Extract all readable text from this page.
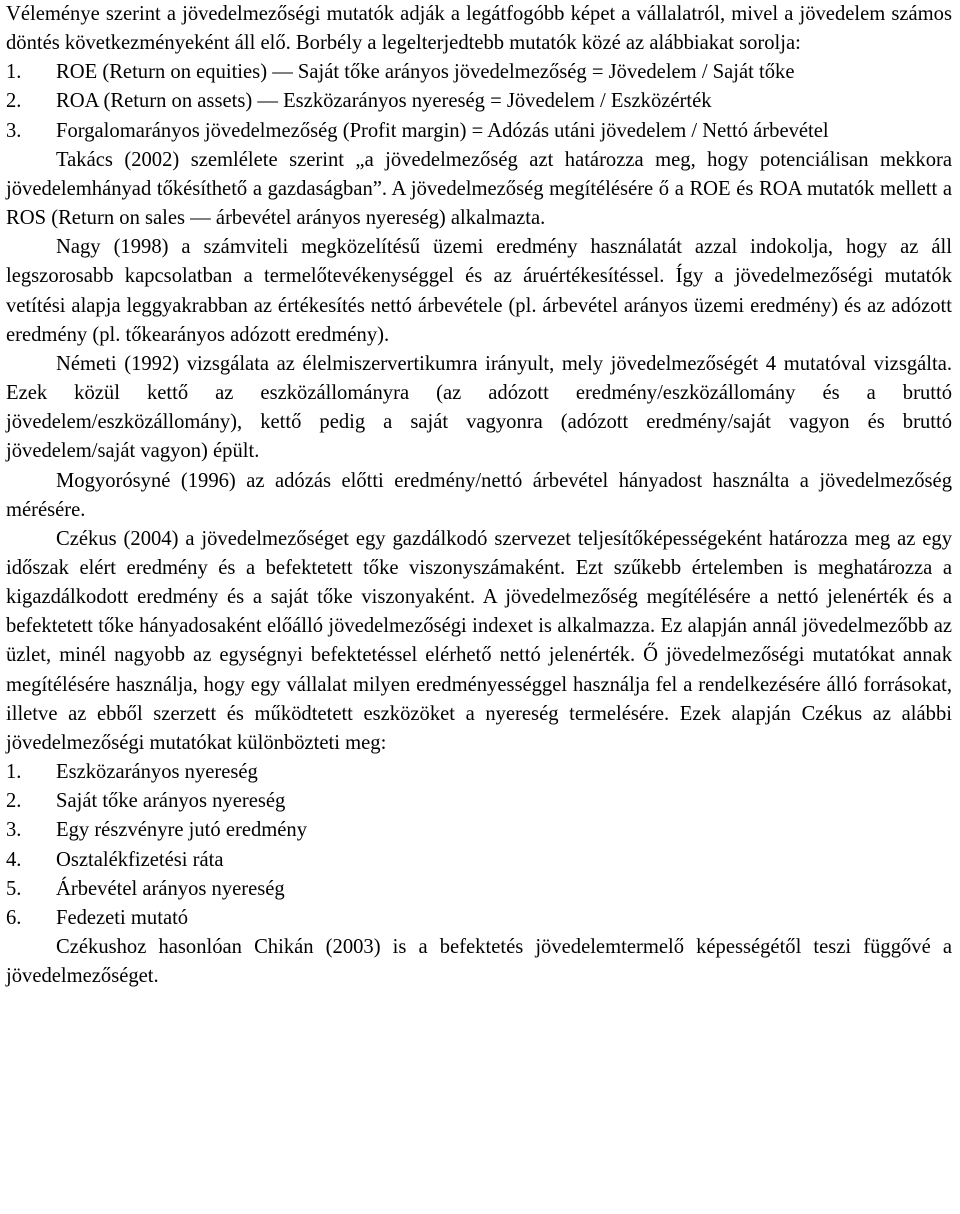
Véleménye szerint a jövedelmezőségi mutatók adják a legátfogóbb képet a vállalatról, mivel a jövedelem számos döntés következményeként áll elő. Borbély a legelterjedtebb mutatók közé az alábbiakat sorolja:

1.	ROE (Return on equities) ― Saját tőke arányos jövedelmezőség = Jövedelem / Saját tőke
2.	ROA (Return on assets) ― Eszközarányos nyereség = Jövedelem / Eszközérték
3.	Forgalomarányos jövedelmezőség (Profit margin) = Adózás utáni jövedelem / Nettó árbevétel

Takács (2002) szemlélete szerint „a jövedelmezőség azt határozza meg, hogy potenciálisan mekkora jövedelemhányad tőkésíthető a gazdaságban”. A jövedelmezőség megítélésére ő a ROE és ROA mutatók mellett a ROS (Return on sales ― árbevétel arányos nyereség) alkalmazta.

Nagy (1998) a számviteli megközelítésű üzemi eredmény használatát azzal indokolja, hogy az áll legszorosabb kapcsolatban a termelőtevékenységgel és az áruértékesítéssel. Így a jövedelmezőségi mutatók vetítési alapja leggyakrabban az értékesítés nettó árbevétele (pl. árbevétel arányos üzemi eredmény) és az adózott eredmény (pl. tőkearányos adózott eredmény).

Németi (1992) vizsgálata az élelmiszervertikumra irányult, mely jövedelmezőségét 4 mutatóval vizsgálta. Ezek közül kettő az eszközállományra (az adózott eredmény/eszközállomány és a bruttó jövedelem/eszközállomány), kettő pedig a saját vagyonra (adózott eredmény/saját vagyon és bruttó jövedelem/saját vagyon) épült.

Mogyorósyné (1996) az adózás előtti eredmény/nettó árbevétel hányadost használta a jövedelmezőség mérésére.

Czékus (2004) a jövedelmezőséget egy gazdálkodó szervezet teljesítőképességeként határozza meg az egy időszak elért eredmény és a befektetett tőke viszonyszámaként. Ezt szűkebb értelemben is meghatározza a kigazdálkodott eredmény és a saját tőke viszonyaként. A jövedelmezőség megítélésére a nettó jelenérték és a befektetett tőke hányadosaként előálló jövedelmezőségi indexet is alkalmazza. Ez alapján annál jövedelmezőbb az üzlet, minél nagyobb az egységnyi befektetéssel elérhető nettó jelenérték. Ő jövedelmezőségi mutatókat annak megítélésére használja, hogy egy vállalat milyen eredményességgel használja fel a rendelkezésére álló forrásokat, illetve az ebből szerzett és működtetett eszközöket a nyereség termelésére. Ezek alapján Czékus az alábbi jövedelmezőségi mutatókat különbözteti meg:

1.	Eszközarányos nyereség
2.	Saját tőke arányos nyereség
3.	Egy részvényre jutó eredmény
4.	Osztalékfizetési ráta
5.	Árbevétel arányos nyereség
6.	Fedezeti mutató

Czékushoz hasonlóan Chikán (2003) is a befektetés jövedelemtermelő képességétől teszi függővé a jövedelmezőséget.
